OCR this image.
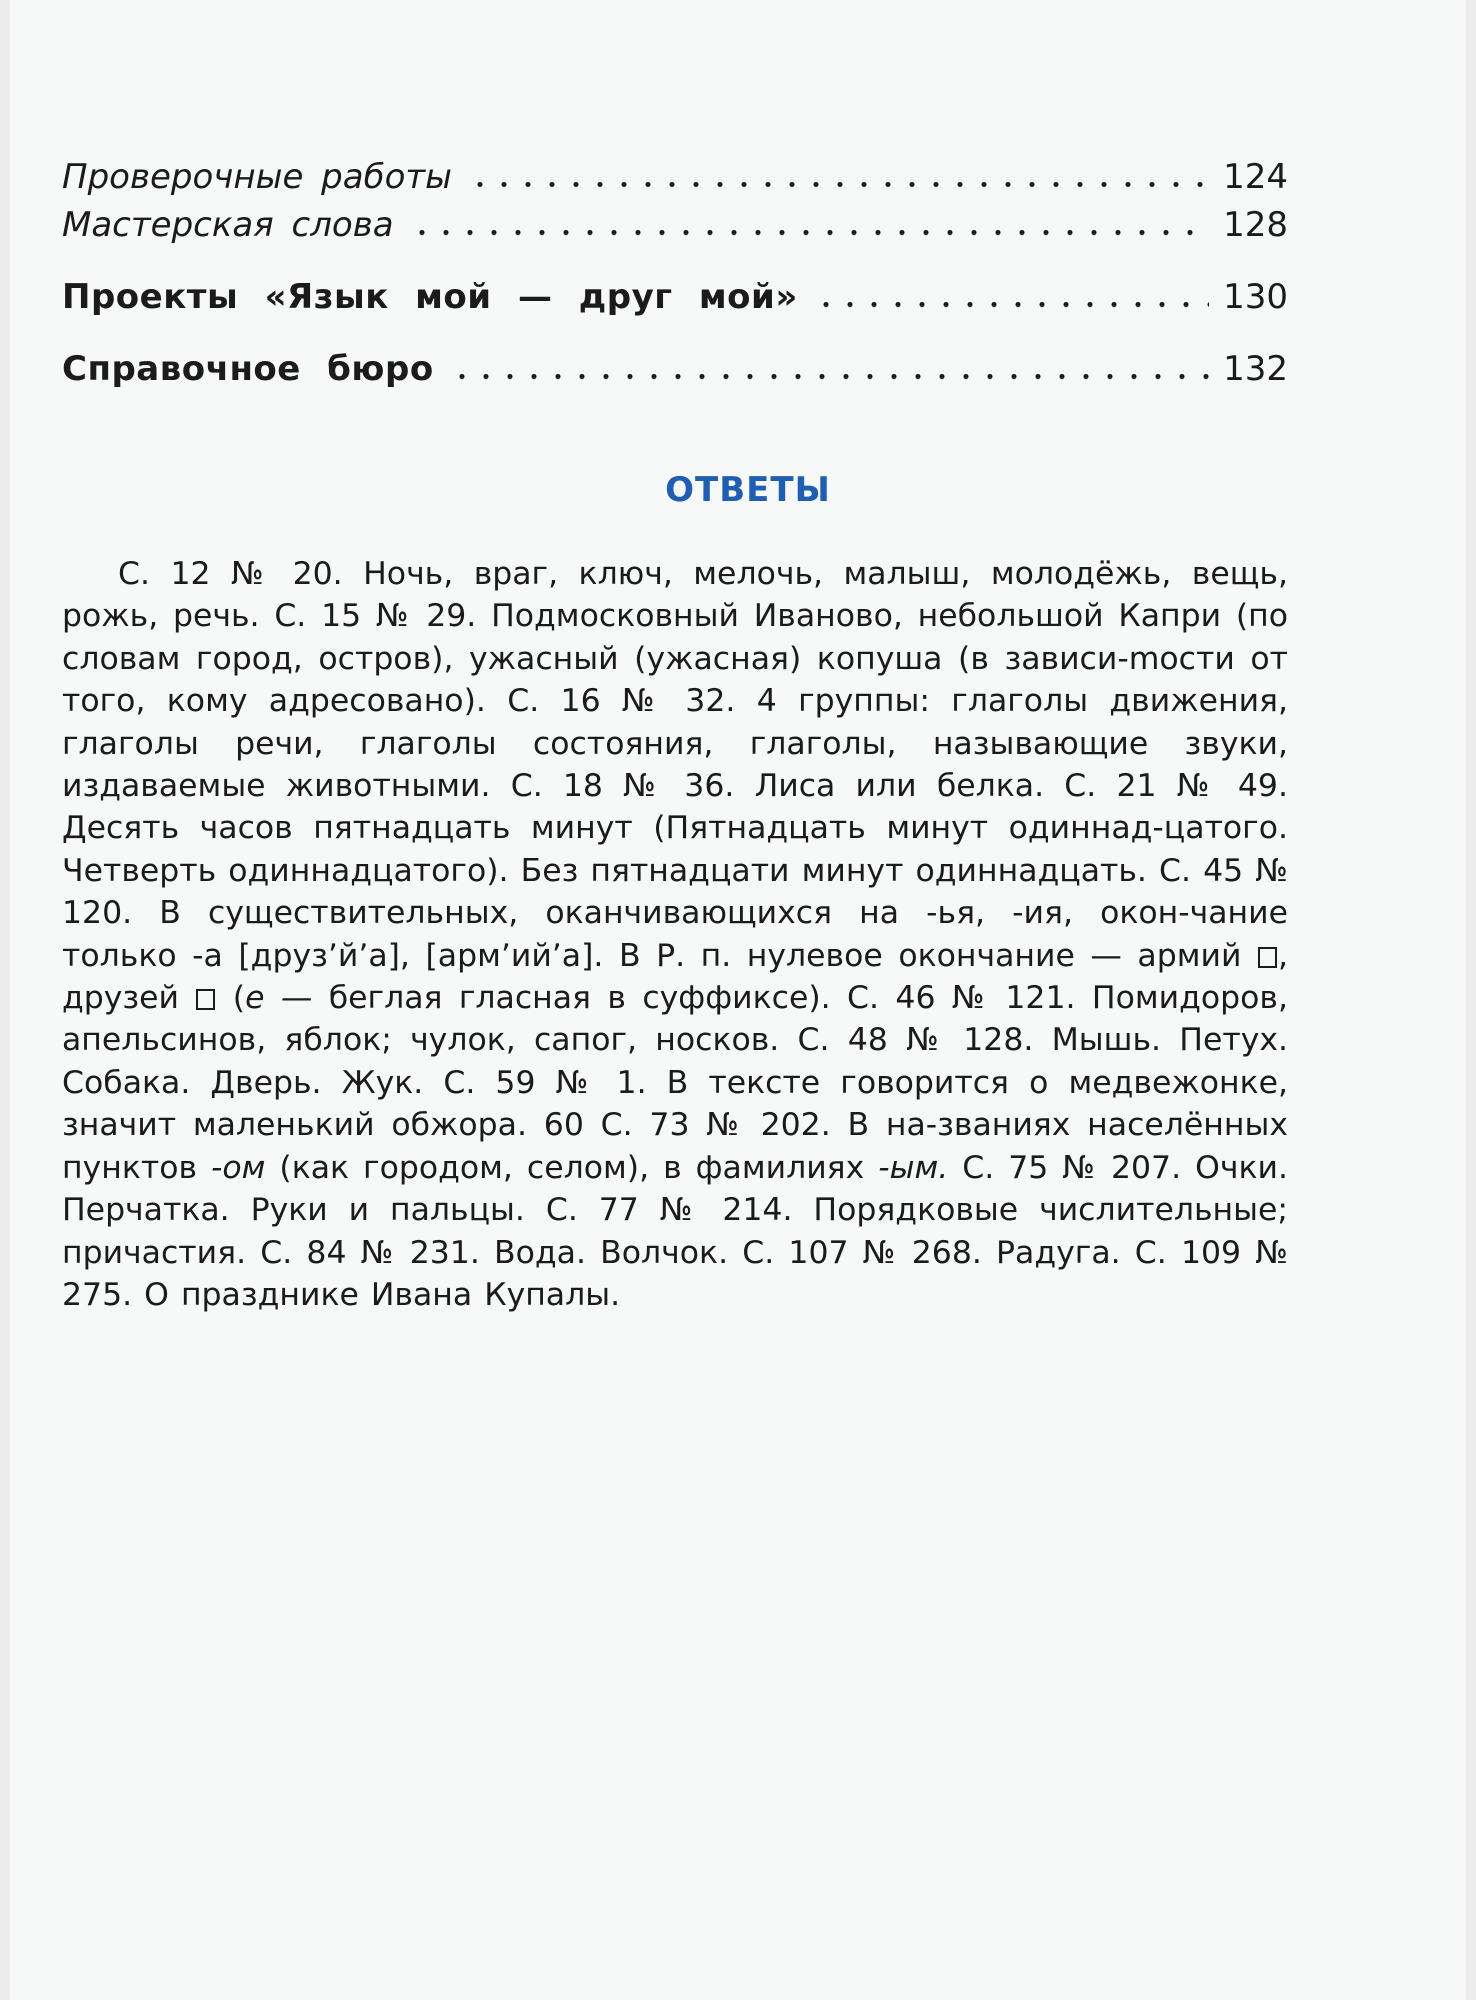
Проверочные работы	124
Мастерская слова	128
Проекты «Язык мой — друг мой»	130
Справочное бюро	132
ОТВЕТЫ
С. 12 № 20. Ночь, враг, ключ, мелочь, малыш, молодёжь, вещь, рожь, речь. С. 15 № 29. Подмосковный Иваново, небольшой Капри (по словам город, остров), ужасный (ужасная) копуша (в зависи-mости от того, кому адресовано). С. 16 № 32. 4 группы: глаголы движения, глаголы речи, глаголы состояния, глаголы, называющие звуки, издаваемые животными. С. 18 № 36. Лиса или белка. С. 21 № 49. Десять часов пятнадцать минут (Пятнадцать минут одиннад-цатого. Четверть одиннадцатого). Без пятнадцати минут одиннадцать. С. 45 № 120. В существительных, оканчивающихся на -ья, -ия, окон-чание только -а [друз’й’а], [арм’ий’а]. В Р. п. нулевое окончание — армий , друзей  (е — беглая гласная в суффиксе). С. 46 № 121. Помидоров, апельсинов, яблок; чулок, сапог, носков. С. 48 № 128. Мышь. Петух. Собака. Дверь. Жук. С. 59 № 1. В тексте говорится о медвежонке, значит маленький обжора. 60 С. 73 № 202. В на-званиях населённых пунктов -ом (как городом, селом), в фамилиях -ым. С. 75 № 207. Очки. Перчатка. Руки и пальцы. С. 77 № 214. Порядковые числительные; причастия. С. 84 № 231. Вода. Волчок. С. 107 № 268. Радуга. С. 109 № 275. О празднике Ивана Купалы.
